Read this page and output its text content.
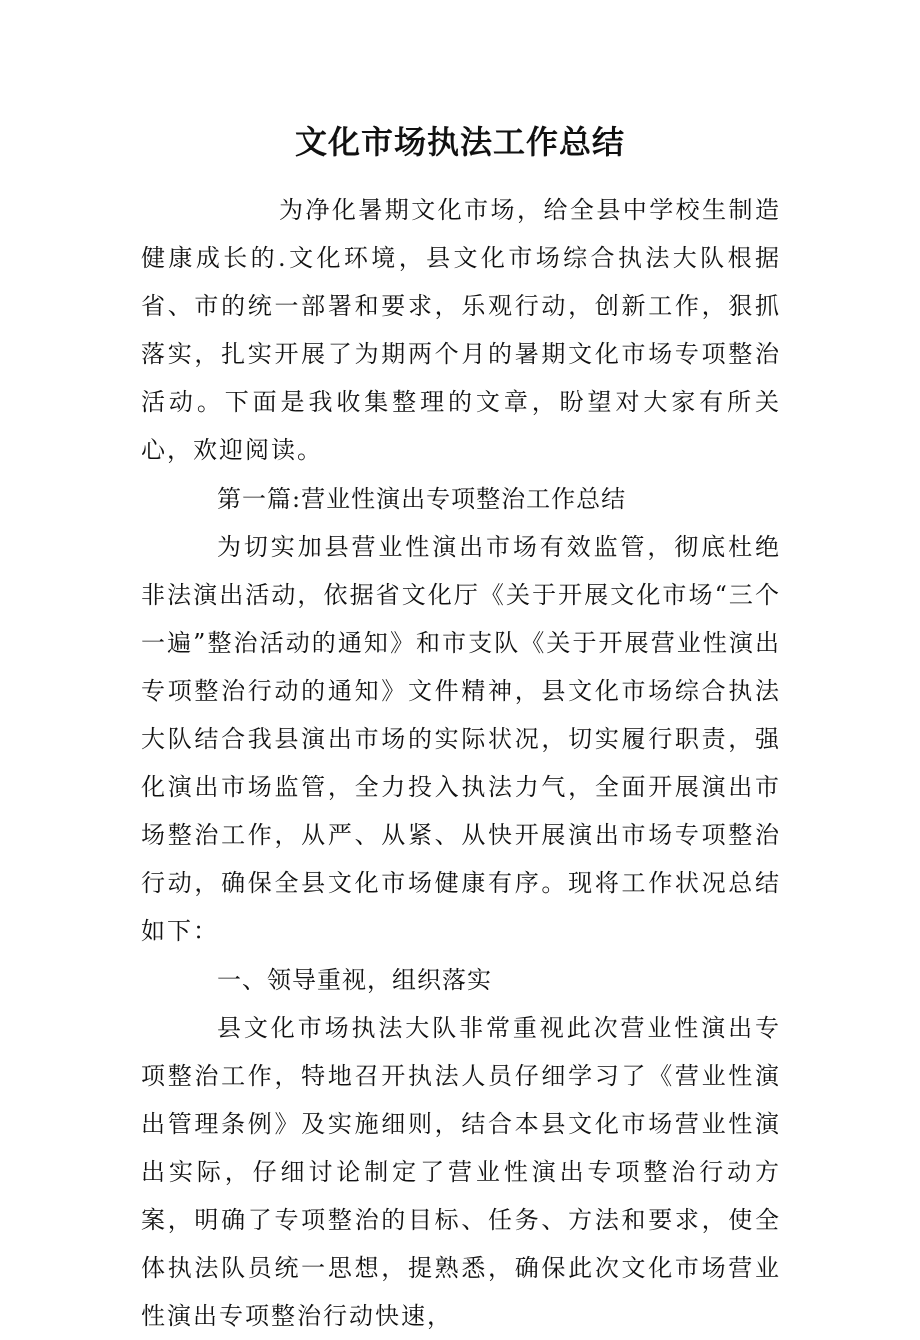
文化市场执法工作总结

为净化暑期文化市场，给全县中学校生制造健康成长的.文化环境，县文化市场综合执法大队根据省、市的统一部署和要求，乐观行动，创新工作，狠抓落实，扎实开展了为期两个月的暑期文化市场专项整治活动。下面是我收集整理的文章，盼望对大家有所关心，欢迎阅读。

第一篇:营业性演出专项整治工作总结

为切实加县营业性演出市场有效监管，彻底杜绝非法演出活动，依据省文化厅《关于开展文化市场“三个一遍”整治活动的通知》和市支队《关于开展营业性演出专项整治行动的通知》文件精神，县文化市场综合执法大队结合我县演出市场的实际状况，切实履行职责，强化演出市场监管，全力投入执法力气，全面开展演出市场整治工作，从严、从紧、从快开展演出市场专项整治行动，确保全县文化市场健康有序。现将工作状况总结如下：

一、领导重视，组织落实

县文化市场执法大队非常重视此次营业性演出专项整治工作，特地召开执法人员仔细学习了《营业性演出管理条例》及实施细则，结合本县文化市场营业性演出实际，仔细讨论制定了营业性演出专项整治行动方案，明确了专项整治的目标、任务、方法和要求，使全体执法队员统一思想，提熟悉，确保此次文化市场营业性演出专项整治行动快速，
